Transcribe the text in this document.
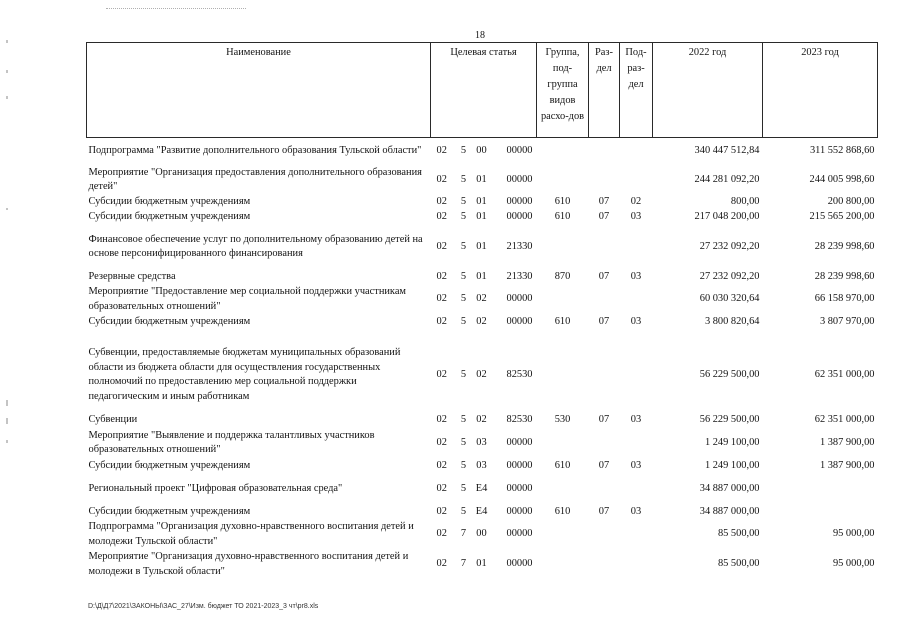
18
Наименование	Целевая статья	Группа, под-группа видов расхо-дов	Раз-дел	Под-раз-дел	2022 год	2023 год
Подпрограмма "Развитие дополнительного образования Тульской области"	02 5 00 00000				340 447 512,84	311 552 868,60
Мероприятие "Организация предоставления дополнительного образования детей"	02 5 01 00000				244 281 092,20	244 005 998,60
Субсидии бюджетным учреждениям	02 5 01 00000	610	07	02	800,00	200 800,00
Субсидии бюджетным учреждениям	02 5 01 00000	610	07	03	217 048 200,00	215 565 200,00
Финансовое обеспечение услуг по дополнительному образованию детей на основе персонифицированного финансирования	02 5 01 21330				27 232 092,20	28 239 998,60
Резервные средства	02 5 01 21330	870	07	03	27 232 092,20	28 239 998,60
Мероприятие "Предоставление мер социальной поддержки участникам образовательных отношений"	02 5 02 00000				60 030 320,64	66 158 970,00
Субсидии бюджетным учреждениям	02 5 02 00000	610	07	03	3 800 820,64	3 807 970,00

Субвенции, предоставляемые бюджетам муниципальных образований области из бюджета области для осуществления государственных полномочий по предоставлению мер социальной поддержки педагогическим и иным работникам	02 5 02 82530				56 229 500,00	62 351 000,00
Субвенции	02 5 02 82530	530	07	03	56 229 500,00	62 351 000,00
Мероприятие "Выявление и поддержка талантливых участников образовательных отношений"	02 5 03 00000				1 249 100,00	1 387 900,00
Субсидии бюджетным учреждениям	02 5 03 00000	610	07	03	1 249 100,00	1 387 900,00
Региональный проект "Цифровая образовательная среда"	02 5 E4 00000				34 887 000,00	
Субсидии бюджетным учреждениям	02 5 E4 00000	610	07	03	34 887 000,00	
Подпрограмма "Организация духовно-нравственного воспитания детей и молодежи Тульской области"	02 7 00 00000				85 500,00	95 000,00
Мероприятие "Организация духовно-нравственного воспитания детей и молодежи в Тульской области"	02 7 01 00000				85 500,00	95 000,00
D:\Д\Д7\2021\ЗАКОНЫ\ЗАС_27\Изм. бюджет ТО 2021-2023_3 чт\pr8.xls
